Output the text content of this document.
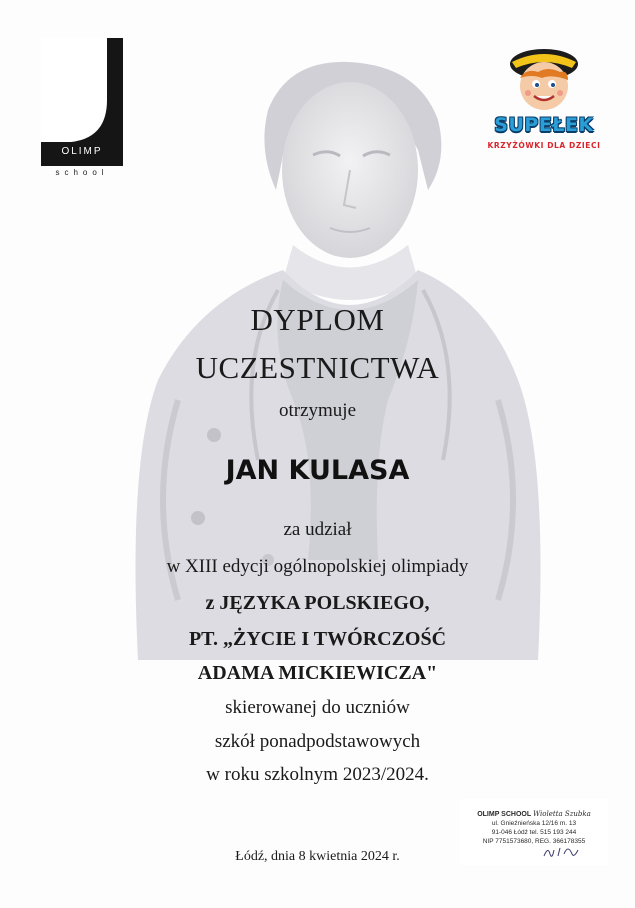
OLIMP
school
SUPEŁEK
KRZYŻÓWKI DLA DZIECI
DYPLOM
UCZESTNICTWA
otrzymuje
JAN KULASA
za udział
w XIII edycji ogólnopolskiej olimpiady
z JĘZYKA POLSKIEGO,
PT. „ŻYCIE I TWÓRCZOŚĆ
ADAMA MICKIEWICZA"
skierowanej do uczniów
szkół ponadpodstawowych
w roku szkolnym 2023/2024.
Łódź, dnia 8 kwietnia 2024 r.
OLIMP SCHOOL Wioletta Szubka
ul. Gnieźnieńska 12/16 m. 13
91-046 Łódź tel. 515 193 244
NIP 7751573680, REG. 366178355
